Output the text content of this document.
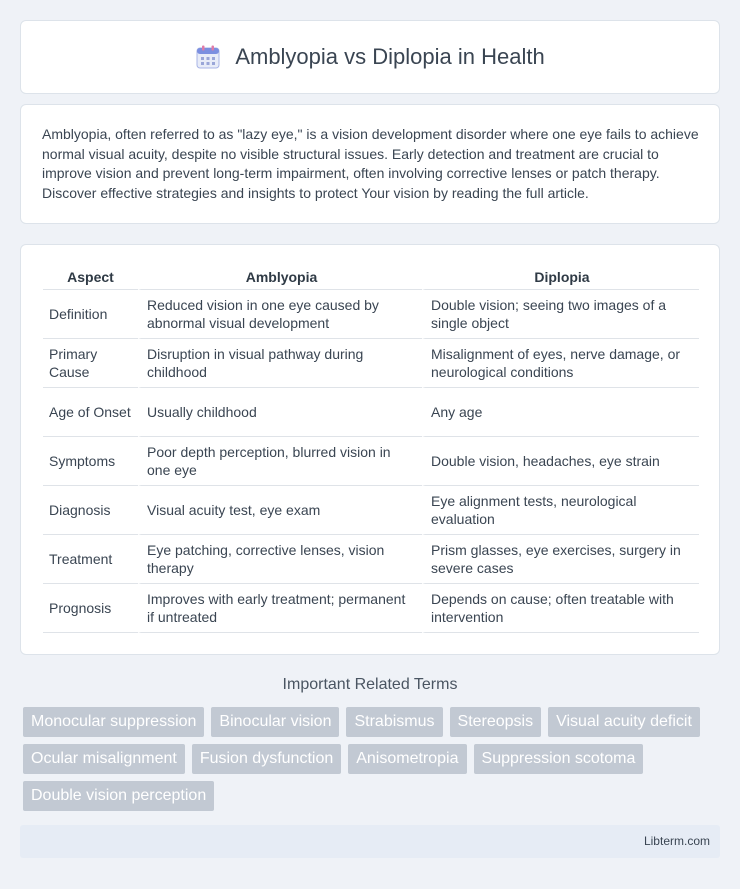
Amblyopia vs Diplopia in Health

Amblyopia, often referred to as "lazy eye," is a vision development disorder where one eye fails to achieve normal visual acuity, despite no visible structural issues. Early detection and treatment are crucial to improve vision and prevent long-term impairment, often involving corrective lenses or patch therapy. Discover effective strategies and insights to protect Your vision by reading the full article.

Aspect	Amblyopia	Diplopia
Definition	Reduced vision in one eye caused by abnormal visual development	Double vision; seeing two images of a single object
Primary Cause	Disruption in visual pathway during childhood	Misalignment of eyes, nerve damage, or neurological conditions
Age of Onset	Usually childhood	Any age
Symptoms	Poor depth perception, blurred vision in one eye	Double vision, headaches, eye strain
Diagnosis	Visual acuity test, eye exam	Eye alignment tests, neurological evaluation
Treatment	Eye patching, corrective lenses, vision therapy	Prism glasses, eye exercises, surgery in severe cases
Prognosis	Improves with early treatment; permanent if untreated	Depends on cause; often treatable with intervention
Important Related Terms
Monocular suppression	Binocular vision	Strabismus	Stereopsis	Visual acuity deficit
Ocular misalignment	Fusion dysfunction	Anisometropia	Suppression scotoma
Double vision perception
Libterm.com
